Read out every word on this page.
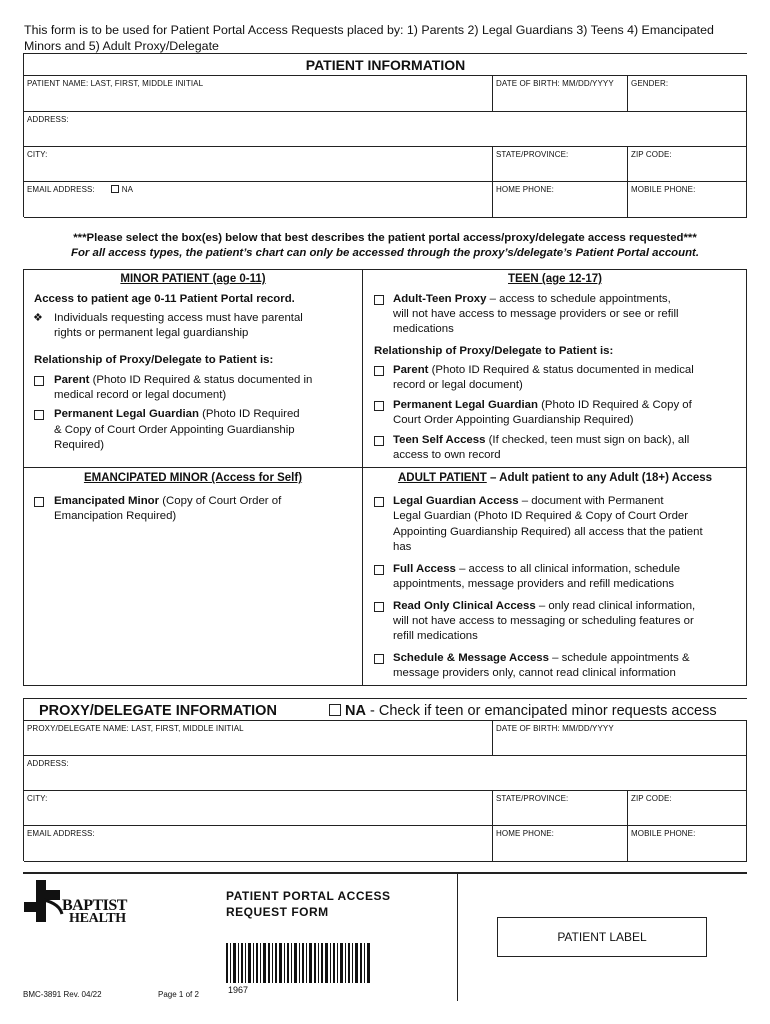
This form is to be used for Patient Portal Access Requests placed by: 1) Parents 2) Legal Guardians 3) Teens 4) Emancipated Minors and 5) Adult Proxy/Delegate
PATIENT INFORMATION
PATIENT NAME: LAST, FIRST, MIDDLE INITIAL	DATE OF BIRTH: MM/DD/YYYY	GENDER:
ADDRESS:
CITY:	STATE/PROVINCE:	ZIP CODE:
EMAIL ADDRESS:	NA	HOME PHONE:	MOBILE PHONE:
***Please select the box(es) below that best describes the patient portal access/proxy/delegate access requested***
For all access types, the patient’s chart can only be accessed through the proxy’s/delegate’s Patient Portal account.
MINOR PATIENT (age 0-11)
Access to patient age 0-11 Patient Portal record.
❖ Individuals requesting access must have parental
rights or permanent legal guardianship
Relationship of Proxy/Delegate to Patient is:
Parent (Photo ID Required & status documented in
medical record or legal document)
Permanent Legal Guardian (Photo ID Required
& Copy of Court Order Appointing Guardianship
Required)
TEEN (age 12-17)
Adult-Teen Proxy – access to schedule appointments,
will not have access to message providers or see or refill
medications
Relationship of Proxy/Delegate to Patient is:
Parent (Photo ID Required & status documented in medical
record or legal document)
Permanent Legal Guardian (Photo ID Required & Copy of
Court Order Appointing Guardianship Required)
Teen Self Access (If checked, teen must sign on back), all
access to own record
EMANCIPATED MINOR (Access for Self)
Emancipated Minor (Copy of Court Order of
Emancipation Required)
ADULT PATIENT – Adult patient to any Adult (18+) Access
Legal Guardian Access – document with Permanent
Legal Guardian (Photo ID Required & Copy of Court Order
Appointing Guardianship Required) all access that the patient
has
Full Access – access to all clinical information, schedule
appointments, message providers and refill medications
Read Only Clinical Access – only read clinical information,
will not have access to messaging or scheduling features or
refill medications
Schedule & Message Access – schedule appointments &
message providers only, cannot read clinical information
PROXY/DELEGATE INFORMATION	NA - Check if teen or emancipated minor requests access
PROXY/DELEGATE NAME: LAST, FIRST, MIDDLE INITIAL	DATE OF BIRTH: MM/DD/YYYY
ADDRESS:
CITY:	STATE/PROVINCE:	ZIP CODE:
EMAIL ADDRESS:	HOME PHONE:	MOBILE PHONE:
BAPTIST
HEALTH
PATIENT PORTAL ACCESS
REQUEST FORM
PATIENT LABEL
1967
BMC-3891 Rev. 04/22	Page 1 of 2
